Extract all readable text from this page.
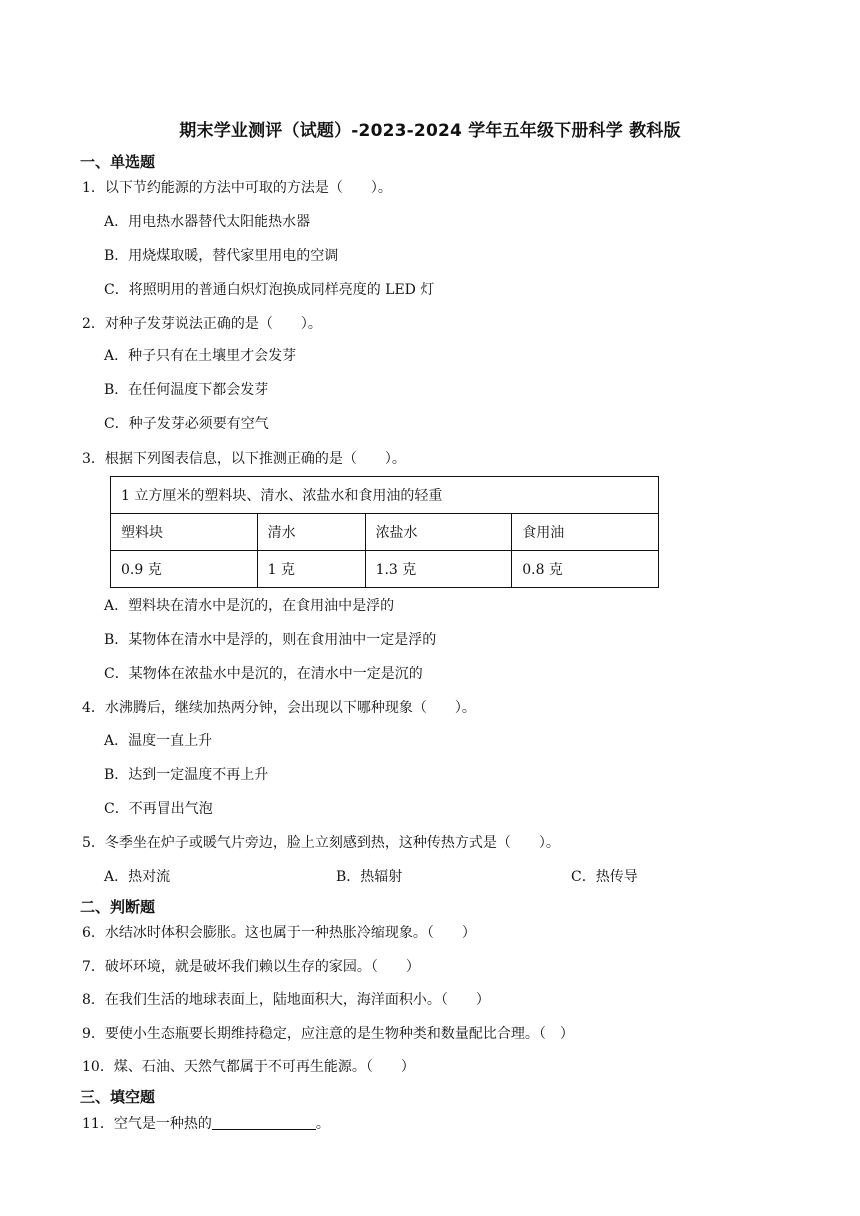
期末学业测评（试题）-2023-2024 学年五年级下册科学 教科版
一、单选题
1．以下节约能源的方法中可取的方法是（　　）。
A．用电热水器替代太阳能热水器
B．用烧煤取暖，替代家里用电的空调
C．将照明用的普通白炽灯泡换成同样亮度的 LED 灯
2．对种子发芽说法正确的是（　　）。
A．种子只有在土壤里才会发芽
B．在任何温度下都会发芽
C．种子发芽必须要有空气
3．根据下列图表信息，以下推测正确的是（　　）。
1 立方厘米的塑料块、清水、浓盐水和食用油的轻重			
塑料块	清水	浓盐水	食用油
0.9 克	1 克	1.3 克	0.8 克
A．塑料块在清水中是沉的，在食用油中是浮的
B．某物体在清水中是浮的，则在食用油中一定是浮的
C．某物体在浓盐水中是沉的，在清水中一定是沉的
4．水沸腾后，继续加热两分钟，会出现以下哪种现象（　　）。
A．温度一直上升
B．达到一定温度不再上升
C．不再冒出气泡
5．冬季坐在炉子或暖气片旁边，脸上立刻感到热，这种传热方式是（　　）。
A．热对流	B．热辐射	C．热传导
二、判断题
6．水结冰时体积会膨胀。这也属于一种热胀冷缩现象。（　　）
7．破坏环境，就是破坏我们赖以生存的家园。（　　）
8．在我们生活的地球表面上，陆地面积大，海洋面积小。（　　）
9．要使小生态瓶要长期维持稳定，应注意的是生物种类和数量配比合理。（　）
10．煤、石油、天然气都属于不可再生能源。（　　）
三、填空题
11．空气是一种热的	。
